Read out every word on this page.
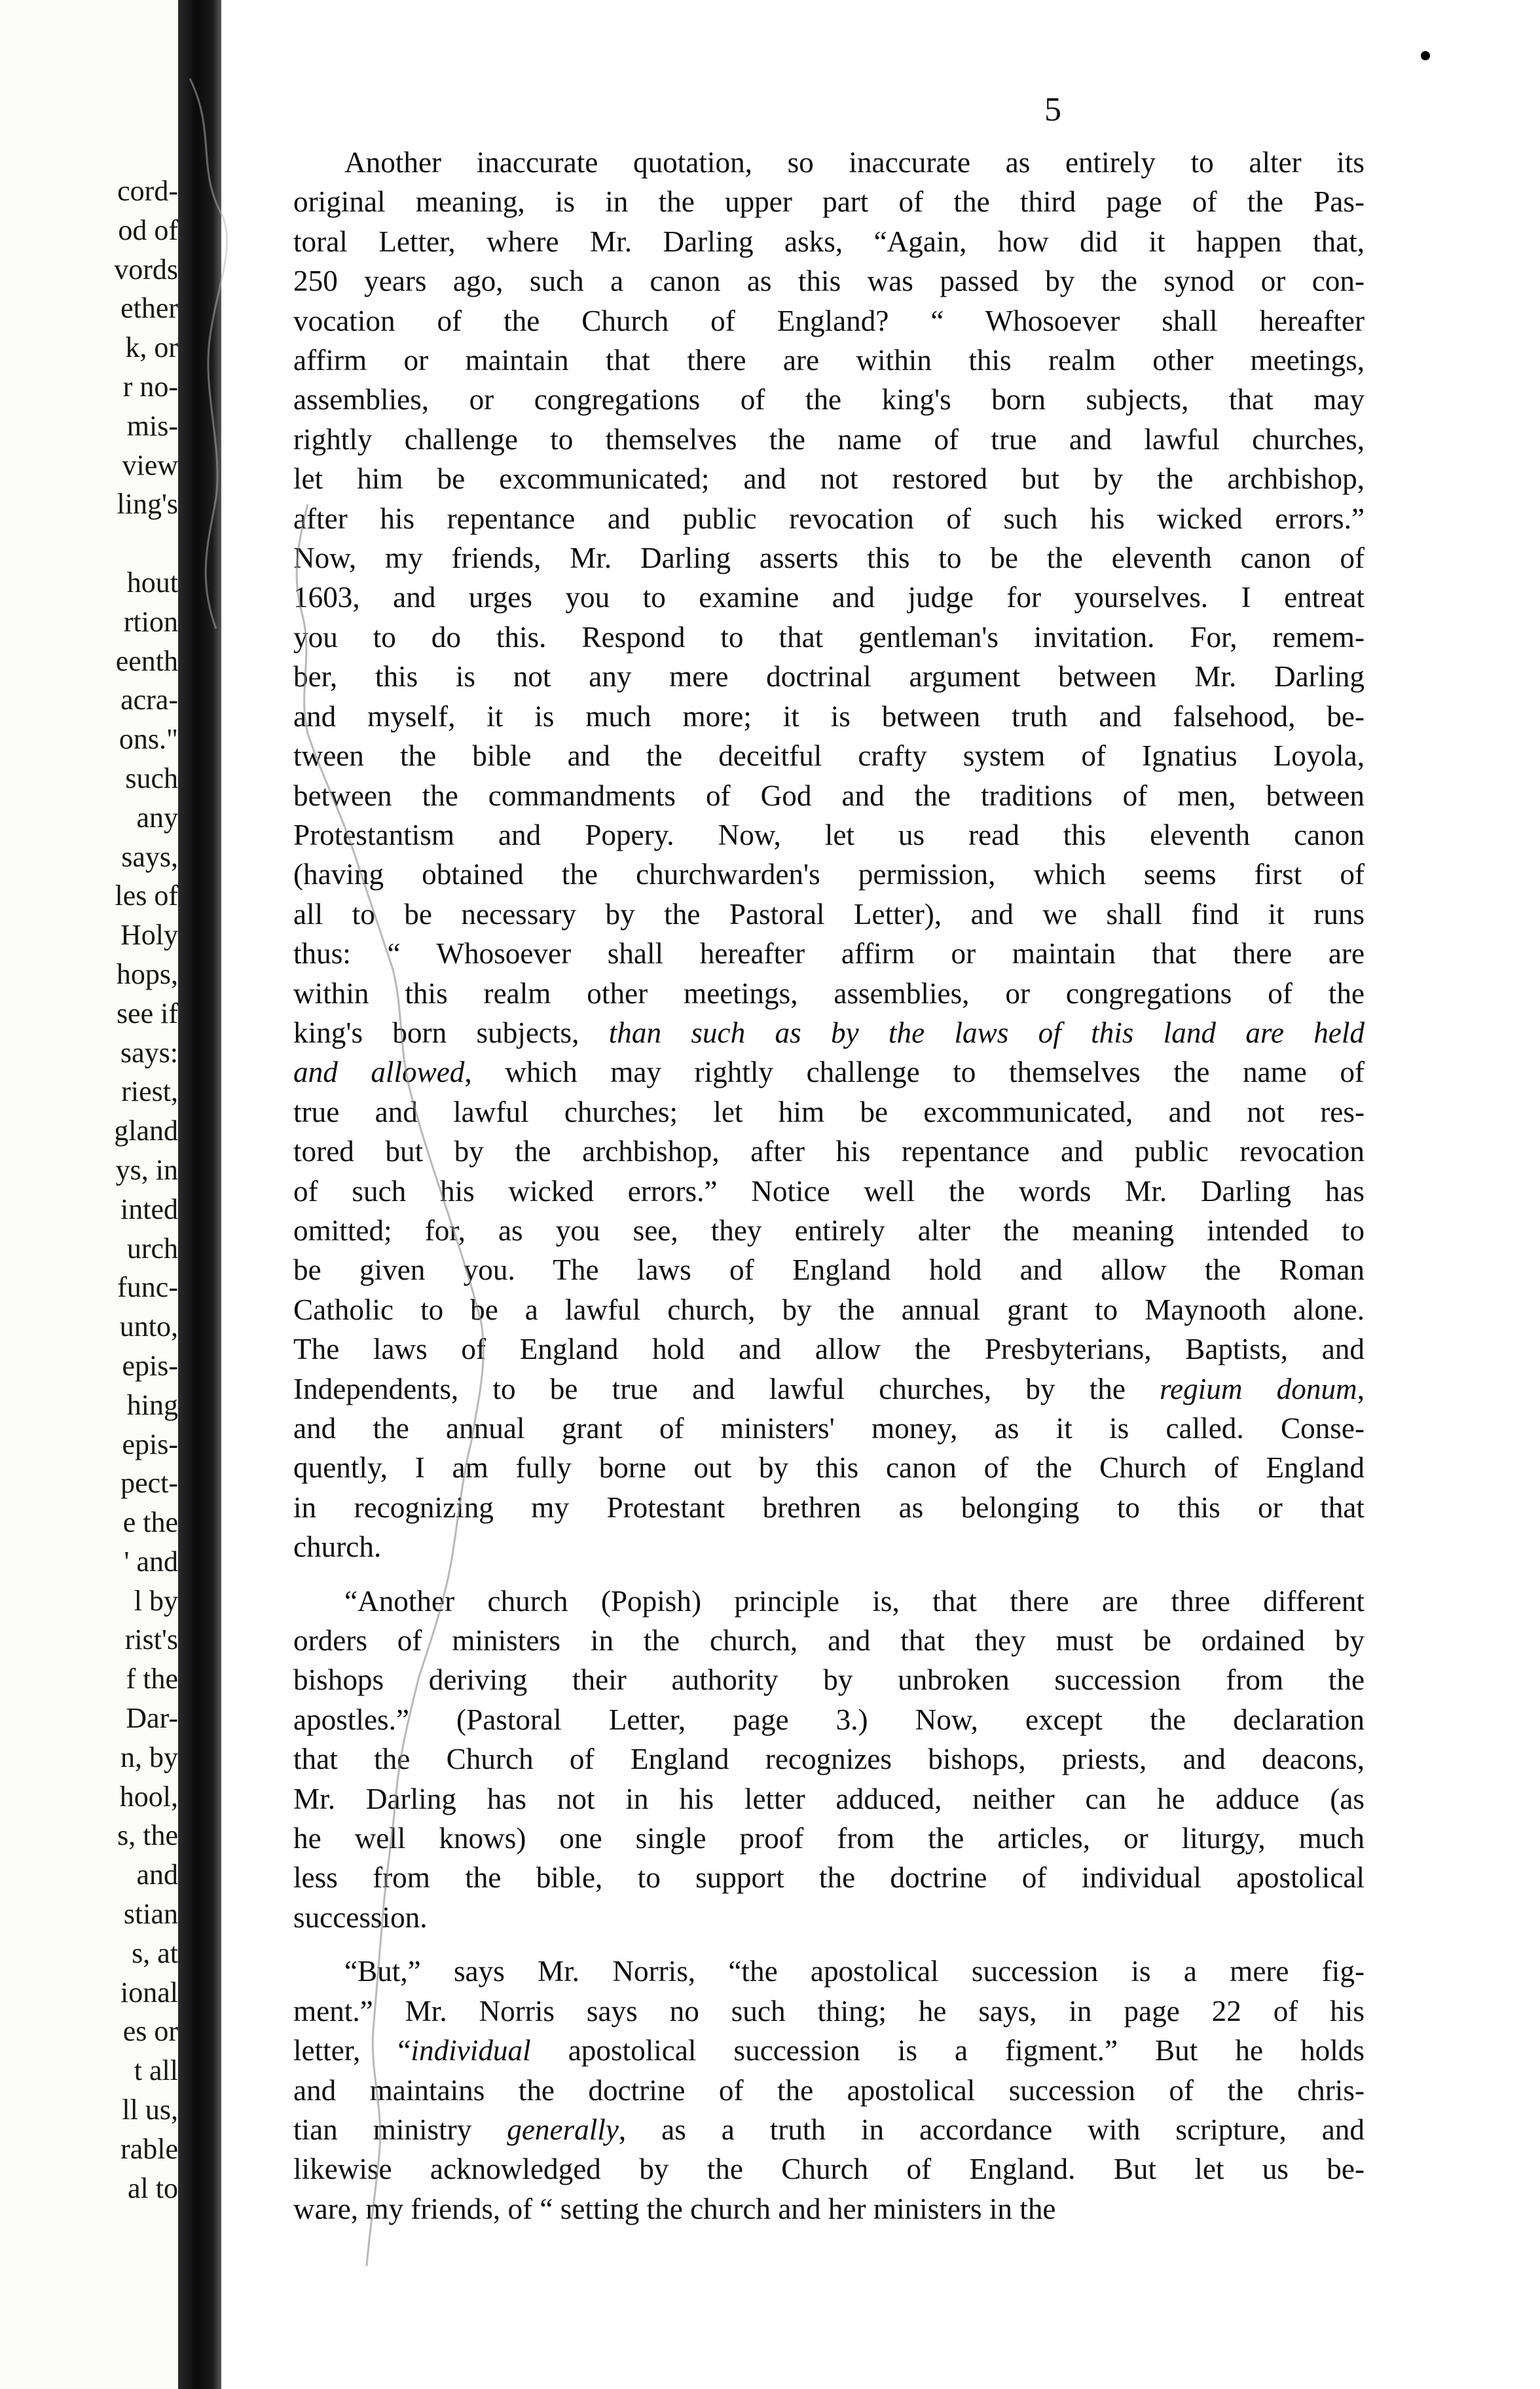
cord-
od of
vords
ether
k, or
r no-
mis-
view
ling's

hout
rtion
eenth
acra-
ons."
such
any
says,
les of
Holy
hops,
see if
says:
riest,
gland
ys, in
inted
urch
func-
unto,
epis-
hing
epis-
pect-
e the
' and
l by
rist's
f the
Dar-
n, by
hool,
s, the
and
stian
s, at
ional
es or
t all
ll us,
rable
al to
5
Another inaccurate quotation, so inaccurate as entirely to alter its
original meaning, is in the upper part of the third page of the Pas-
toral Letter, where Mr. Darling asks, “Again, how did it happen that,
250 years ago, such a canon as this was passed by the synod or con-
vocation of the Church of England? “ Whosoever shall hereafter
affirm or maintain that there are within this realm other meetings,
assemblies, or congregations of the king's born subjects, that may
rightly challenge to themselves the name of true and lawful churches,
let him be excommunicated; and not restored but by the archbishop,
after his repentance and public revocation of such his wicked errors.”
Now, my friends, Mr. Darling asserts this to be the eleventh canon of
1603, and urges you to examine and judge for yourselves. I entreat
you to do this. Respond to that gentleman's invitation. For, remem-
ber, this is not any mere doctrinal argument between Mr. Darling
and myself, it is much more; it is between truth and falsehood, be-
tween the bible and the deceitful crafty system of Ignatius Loyola,
between the commandments of God and the traditions of men, between
Protestantism and Popery. Now, let us read this eleventh canon
(having obtained the churchwarden's permission, which seems first of
all to be necessary by the Pastoral Letter), and we shall find it runs
thus: “ Whosoever shall hereafter affirm or maintain that there are
within this realm other meetings, assemblies, or congregations of the
king's born subjects, than such as by the laws of this land are held
and allowed, which may rightly challenge to themselves the name of
true and lawful churches; let him be excommunicated, and not res-
tored but by the archbishop, after his repentance and public revocation
of such his wicked errors.” Notice well the words Mr. Darling has
omitted; for, as you see, they entirely alter the meaning intended to
be given you. The laws of England hold and allow the Roman
Catholic to be a lawful church, by the annual grant to Maynooth alone.
The laws of England hold and allow the Presbyterians, Baptists, and
Independents, to be true and lawful churches, by the regium donum,
and the annual grant of ministers' money, as it is called. Conse-
quently, I am fully borne out by this canon of the Church of England
in recognizing my Protestant brethren as belonging to this or that
church.
“Another church (Popish) principle is, that there are three different
orders of ministers in the church, and that they must be ordained by
bishops deriving their authority by unbroken succession from the
apostles.” (Pastoral Letter, page 3.) Now, except the declaration
that the Church of England recognizes bishops, priests, and deacons,
Mr. Darling has not in his letter adduced, neither can he adduce (as
he well knows) one single proof from the articles, or liturgy, much
less from the bible, to support the doctrine of individual apostolical
succession.
“But,” says Mr. Norris, “the apostolical succession is a mere fig-
ment.” Mr. Norris says no such thing; he says, in page 22 of his
letter, “individual apostolical succession is a figment.” But he holds
and maintains the doctrine of the apostolical succession of the chris-
tian ministry generally, as a truth in accordance with scripture, and
likewise acknowledged by the Church of England. But let us be-
ware, my friends, of “ setting the church and her ministers in the
